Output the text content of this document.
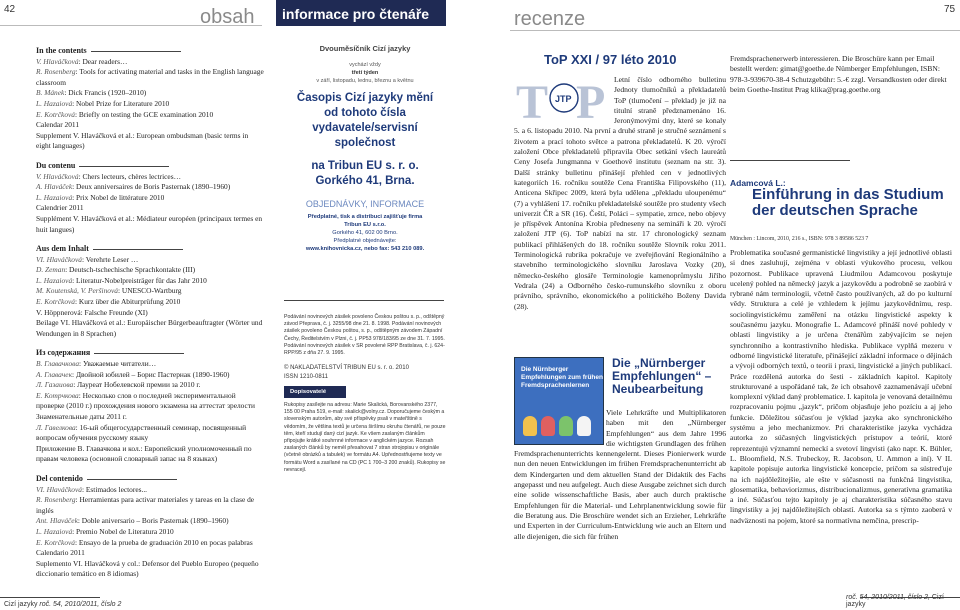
42	obsah	informace pro čtenáře	recenze	75
In the contents
V. Hlaváčková: Dear readers…
R. Rosenberg: Tools for activating material and tasks in the English language classroom
B. Mánek: Dick Francis (1920–2010)
L. Hazaiová: Nobel Prize for Literature 2010
E. Kotrčková: Briefly on testing the GCE examination 2010
Calendar 2011
Supplement V. Hlaváčková et al.: European ombudsman (basic terms in eight languages)
Du contenu
V. Hlaváčková: Chers lecteurs, chères lectrices…
A. Hlaváček: Deux anniversaires de Boris Pasternak (1890–1960)
L. Hazaiová: Prix Nobel de littérature 2010
Calendrier 2011
Supplément V. Hlaváčková et al.: Médiateur européen (principaux termes en huit langues)
Aus dem Inhalt
VI. Hlaváčková: Verehrte Leser …
D. Zeman: Deutsch-tschechische Sprachkontakte (III)
L. Hazaiová: Literatur-Nobelpreisträger für das Jahr 2010
M. Koutenská, V. Peršinová: UNESCO-Wartburg
E. Kotrčková: Kurz über die Abiturprüfung 2010
V. Höppnerová: Falsche Freunde (XI)
Beilage VI. Hlaváčková et al.: Europäischer Bürgerbeauftragter (Wörter und Wendungen in 8 Sprachen)
Из содержания
В. Главачкова: Уважаемые читатели…
А. Главачек: Двойной юбилей – Борис Пастернак (1890-1960)
Л. Газаиова: Лауреат Нобелевской премии за 2010 г.
Е. Котрчкова: Несколько слов о последней экспериментальной проверке (2010 г.) прохождения нового экзамена на аттестат зрелости
Знаменательные даты 2011 г.
Л. Гавелкова: 16-ый общегосударственный семинар, посвященный вопросам обучения русскому языку
Приложение В. Главачкова и кол.: Европейский уполномоченный по правам человека (основной словарный запас на 8 языках)
Del contenido
VI. Hlaváčková: Estimados lectores...
R. Rosenberg: Herramientas para activar materiales y tareas en la clase de inglés
Ant. Hlaváček: Doble aniversario – Boris Pasternak (1890–1960)
L. Hazaiová: Premio Nobel de Literatura 2010
E. Kotrčková: Ensayo de la prueba de graduación 2010 en pocas palabras
Calendario 2011
Suplemento VI. Hlaváčková y col.: Defensor del Pueblo Europeo (pequeño diccionario temático en 8 idiomas)
Dvouměsíčník Cizí jazyky
vychází vždy
třetí týden
v září, listopadu, lednu, březnu a květnu
Časopis Cizí jazyky mění
od tohoto čísla
vydavatele/servisní společnost
na Tribun EU s. r. o.
Gorkého 41, Brna.
OBJEDNÁVKY, INFORMACE
Předplatné, tisk a distribuci zajišťuje firma
Tribun EU s.r.o.
Gorkého 41, 602 00 Brno.
Předplatné objednávejte:
www.knihovnicka.cz, nebo fax: 543 210 089.
Podávání novinových zásilek povoleno Českou poštou s. p., odštěpný závod Přeprava, č. j. 3255/98 dne 21. 8. 1998. Podávání novinových zásilek povoleno Českou poštou, s. p., odštěpným závodem Západní Čechy, Ředitelstvím v Plzni, č. j. PP53 978/183/95 ze dne 31. 7. 1995. Podávání novinových zásilek v SR povolené RPP Bratislava, č. j. 624-RPP/95 z dňa 27. 9. 1995.
© NAKLADATELSTVÍ TRIBUN EU s. r. o. 2010
ISSN 1210-0811
Dopisovatelé
Rukopisy zasílejte na adresu: Marie Skalická, Borovanského 2377, 155 00 Praha 519, e-mail: skalick@volny.cz. Doporučujeme českým a slovenským autorům, aby své příspěvky psali v mateřštině s vědomím, že většina textů je určena širšímu okruhu čtenářů, ne pouze těm, kteří studují daný cizí jazyk. Ke všem zaslaným článkům připojujte krátké souhrnné informace v anglickém jazyce. Rozsah zaslaných článků by neměl přesahovat 7 stran strojopisu v originále (včetně obrázků a tabulek) ve formátu A4. Upřednostňujeme texty ve formátu Word a zasílané na CD (PC 1 700–3 200 znaků). Rukopisy se nevracejí.
ToP XXI / 97 léto 2010
T JTP P	Letní číslo odborného bulletinu Jednoty tlumočníků a překladatelů ToP (tlumočení – překlad) je již na titulní straně předznamenáno 16. Jeronýmovými dny, které se konaly 5. a 6. listopadu 2010. Na první a druhé straně je stručné seznámení s životem a prací tohoto světce a patrona překladatelů. K 20. výročí založení Obce překladatelů připravila Obec setkání všech laureátů Ceny Josefa Jungmanna v Goethově institutu (seznam na str. 3). Další stránky bulletinu přinášejí přehled cen v jednotlivých kategoriích 16. ročníku soutěže Cena Františka Filipovského (11), Anticena Skřipec 2009, která byla udělena „překladu uloupenému“ (7) a vyhlášení 17. ročníku překladatelské soutěže pro studenty všech univerzit ČR a SR (16). Čeští, Poláci – sympatie, zrnce, nebo objevy je příspěvek Antonína Krobia předneseny na semináři k 20. výročí založení JTP (6). ToP nabízí na str. 17 chronologický seznam publikací přihlášených do 18. ročníku soutěže Slovník roku 2011. Terminologická rubrika pokračuje ve zveřejňování Regionálního a stavebního terminologického slovníku Jaroslava Vozky (20), německo-českého glosáře Terminologie kamenoprůmyslu Jiřího Vedrala (24) a Odborného česko-rumunského slovníku z oboru právního, správního, ekonomického a politického Boženy Davida (28).
Fremdsprachenerwerb interessieren. Die Broschüre kann per Email bestellt werden: gimat@goethe.de Nümberger Empfehlungen, ISBN: 978-3-939670-38-4 Schutzgebühr: 5.-€ zzgl. Versandkosten oder direkt beim Goethe-Institut Prag klika@prag.goethe.org
Adamcová L.:
Einführung in das Studium der deutschen Sprache
München : Lincom, 2010, 216 s., ISBN: 978 3 89586 523 7
Problematika současné germanistické lingvistiky a její jednotlivé oblasti si dnes zasluhují, zejména v oblasti výukového procesu, velkou pozornost. Publikace upravená Liudmilou Adamcovou poskytuje ucelený pohled na německý jazyk a jazykovědu a podrobně se zaobírá v rybrané nám terminologii, včetně často používaných, až do po kulturní vědy. Struktura a celé je vzhledem k jejímu jazykovědnímu, resp. sociolingvistickému zaměření na otázku lingvistické aspekty k současnému jazyku. Monografie L. Adamcové přináší nové pohledy v oblasti lingvistiky a je určena čtenářům zabývajícím se nejen synchronního a kontrastivního hlediska. Publikace vyplňá mezeru v odborné lingvistické literatuře, přinášející základní informace o dějinách a vývoji odborných textů, o teorii i praxi, lingvistické a jiných publikací. Práce rozdělená autorka do šesti - základních kapitol. Kapitoly strukturované a uspořádané tak, že ich obsahově zaznamenávají učební komplexní výklad daný problematice. I. kapitola je venovaná detailnému rozpracovaniu pojmu „jazyk“, pričom objasňuje jeho pozíciu a aj jeho funkcie. Dôležitou súčasťou je výklad jazyka ako synchronického systému a jeho mechanizmov. Pri charakteristike jazyka vychádza autorka zo súčasných lingvistických prístupov a teórií, ktoré reprezentujú významní nemeckí a svetoví lingvisti (ako napr. K. Bühler, L. Bloomfield, N.S. Trubeckoy, R. Jacobson, U. Ammon a iní). V II. kapitole popisuje autorka lingvistické koncepcie, pričom sa sústreďuje na ich najdôležitejšie, ale ešte v súčasnosti na funkčná lingvistika, glosematika, behaviorizmus, distribucionalizmus, generatívna gramatika a iné. Súčasťou tejto kapitoly je aj charakteristika súčasného stavu lingvistiky a jej najdôležitejších oblastí. Autorka sa s týmto zaoberá v nadväznosti na pojem, ktoré sa normatívna nemčina, prescrip-
Die „Nürnberger Empfehlungen“ – Neubearbeitung
Die Nürnberger Empfehlungen zum frühen Fremdsprachenlernen
Viele Lehrkräfte und Multiplikatoren haben mit den „Nürnberger Empfehlungen“ aus dem Jahre 1996 die wichtigsten Grundlagen des frühen Fremdsprachenunterrichts kennengelernt. Dieses Pionierwerk wurde nun den neuen Entwicklungen im frühen Fremdsprachenunterricht ab dem Kindergarten und dem aktuellen Stand der Didaktik des Fachs angepasst und neu aufgelegt. Auch diese Ausgabe zeichnet sich durch eine solide wissenschaftliche Basis, aber auch durch praktische Empfehlungen für die Material- und Lehrplanentwicklung sowie für die Beratung aus. Die Broschüre wendet sich an Erzieher, Lehrkräfte und Experten in der Curriculum-Entwicklung wie auch an Eltern und alle diejenigen, die sich für frühen
Cizí jazyky roč. 54, 2010/2011, číslo 2
roč. 54, 2010/2011, číslo 2, Cizí jazyky
